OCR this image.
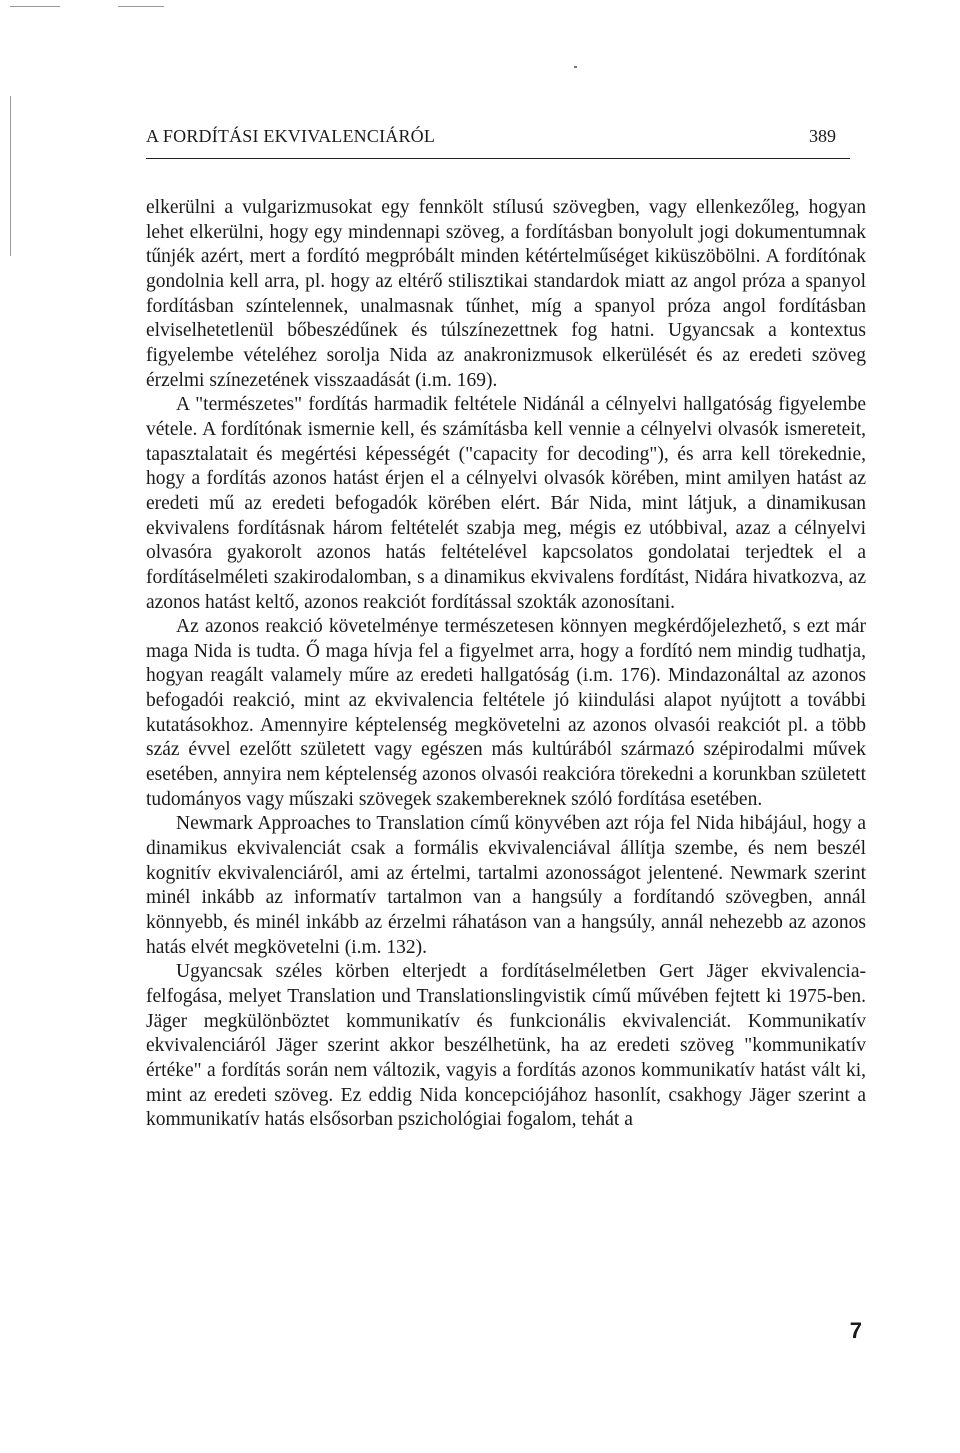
A FORDÍTÁSI EKVIVALENCIÁRÓL	389

elkerülni a vulgarizmusokat egy fennkölt stílusú szövegben, vagy ellenkezőleg, hogyan lehet elkerülni, hogy egy mindennapi szöveg, a fordításban bonyolult jogi dokumentumnak tűnjék azért, mert a fordító megpróbált minden kétértelműséget kiküszöbölni. A fordítónak gondolnia kell arra, pl. hogy az eltérő stilisztikai standardok miatt az angol próza a spanyol fordításban színtelennek, unalmasnak tűnhet, míg a spanyol próza angol fordításban elviselhetetlenül bőbeszédűnek és túlszínezettnek fog hatni. Ugyancsak a kontextus figyelembe vételéhez sorolja Nida az anakronizmusok elkerülését és az eredeti szöveg érzelmi színezetének visszaadását (i.m. 169).

A "természetes" fordítás harmadik feltétele Nidánál a célnyelvi hallgatóság figyelembe vétele. A fordítónak ismernie kell, és számításba kell vennie a célnyelvi olvasók ismereteit, tapasztalatait és megértési képességét ("capacity for decoding"), és arra kell törekednie, hogy a fordítás azonos hatást érjen el a célnyelvi olvasók körében, mint amilyen hatást az eredeti mű az eredeti befogadók körében elért. Bár Nida, mint látjuk, a dinamikusan ekvivalens fordításnak három feltételét szabja meg, mégis ez utóbbival, azaz a célnyelvi olvasóra gyakorolt azonos hatás feltételével kapcsolatos gondolatai terjedtek el a fordításelméleti szakirodalomban, s a dinamikus ekvivalens fordítást, Nidára hivatkozva, az azonos hatást keltő, azonos reakciót fordítással szokták azonosítani.

Az azonos reakció követelménye természetesen könnyen megkérdőjelezhető, s ezt már maga Nida is tudta. Ő maga hívja fel a figyelmet arra, hogy a fordító nem mindig tudhatja, hogyan reagált valamely műre az eredeti hallgatóság (i.m. 176). Mindazonáltal az azonos befogadói reakció, mint az ekvivalencia feltétele jó kiindulási alapot nyújtott a további kutatásokhoz. Amennyire képtelenség megkövetelni az azonos olvasói reakciót pl. a több száz évvel ezelőtt született vagy egészen más kultúrából származó szépirodalmi művek esetében, annyira nem képtelenség azonos olvasói reakcióra törekedni a korunkban született tudományos vagy műszaki szövegek szakembereknek szóló fordítása esetében.

Newmark Approaches to Translation című könyvében azt rója fel Nida hibájául, hogy a dinamikus ekvivalenciát csak a formális ekvivalenciával állítja szembe, és nem beszél kognitív ekvivalenciáról, ami az értelmi, tartalmi azonosságot jelentené. Newmark szerint minél inkább az informatív tartalmon van a hangsúly a fordítandó szövegben, annál könnyebb, és minél inkább az érzelmi ráhatáson van a hangsúly, annál nehezebb az azonos hatás elvét megkövetelni (i.m. 132).

Ugyancsak széles körben elterjedt a fordításelméletben Gert Jäger ekvivalencia-felfogása, melyet Translation und Translationslingvistik című művében fejtett ki 1975-ben. Jäger megkülönböztet kommunikatív és funkcionális ekvivalenciát. Kommunikatív ekvivalenciáról Jäger szerint akkor beszélhetünk, ha az eredeti szöveg "kommunikatív értéke" a fordítás során nem változik, vagyis a fordítás azonos kommunikatív hatást vált ki, mint az eredeti szöveg. Ez eddig Nida koncepciójához hasonlít, csakhogy Jäger szerint a kommunikatív hatás elsősorban pszichológiai fogalom, tehát a

7
